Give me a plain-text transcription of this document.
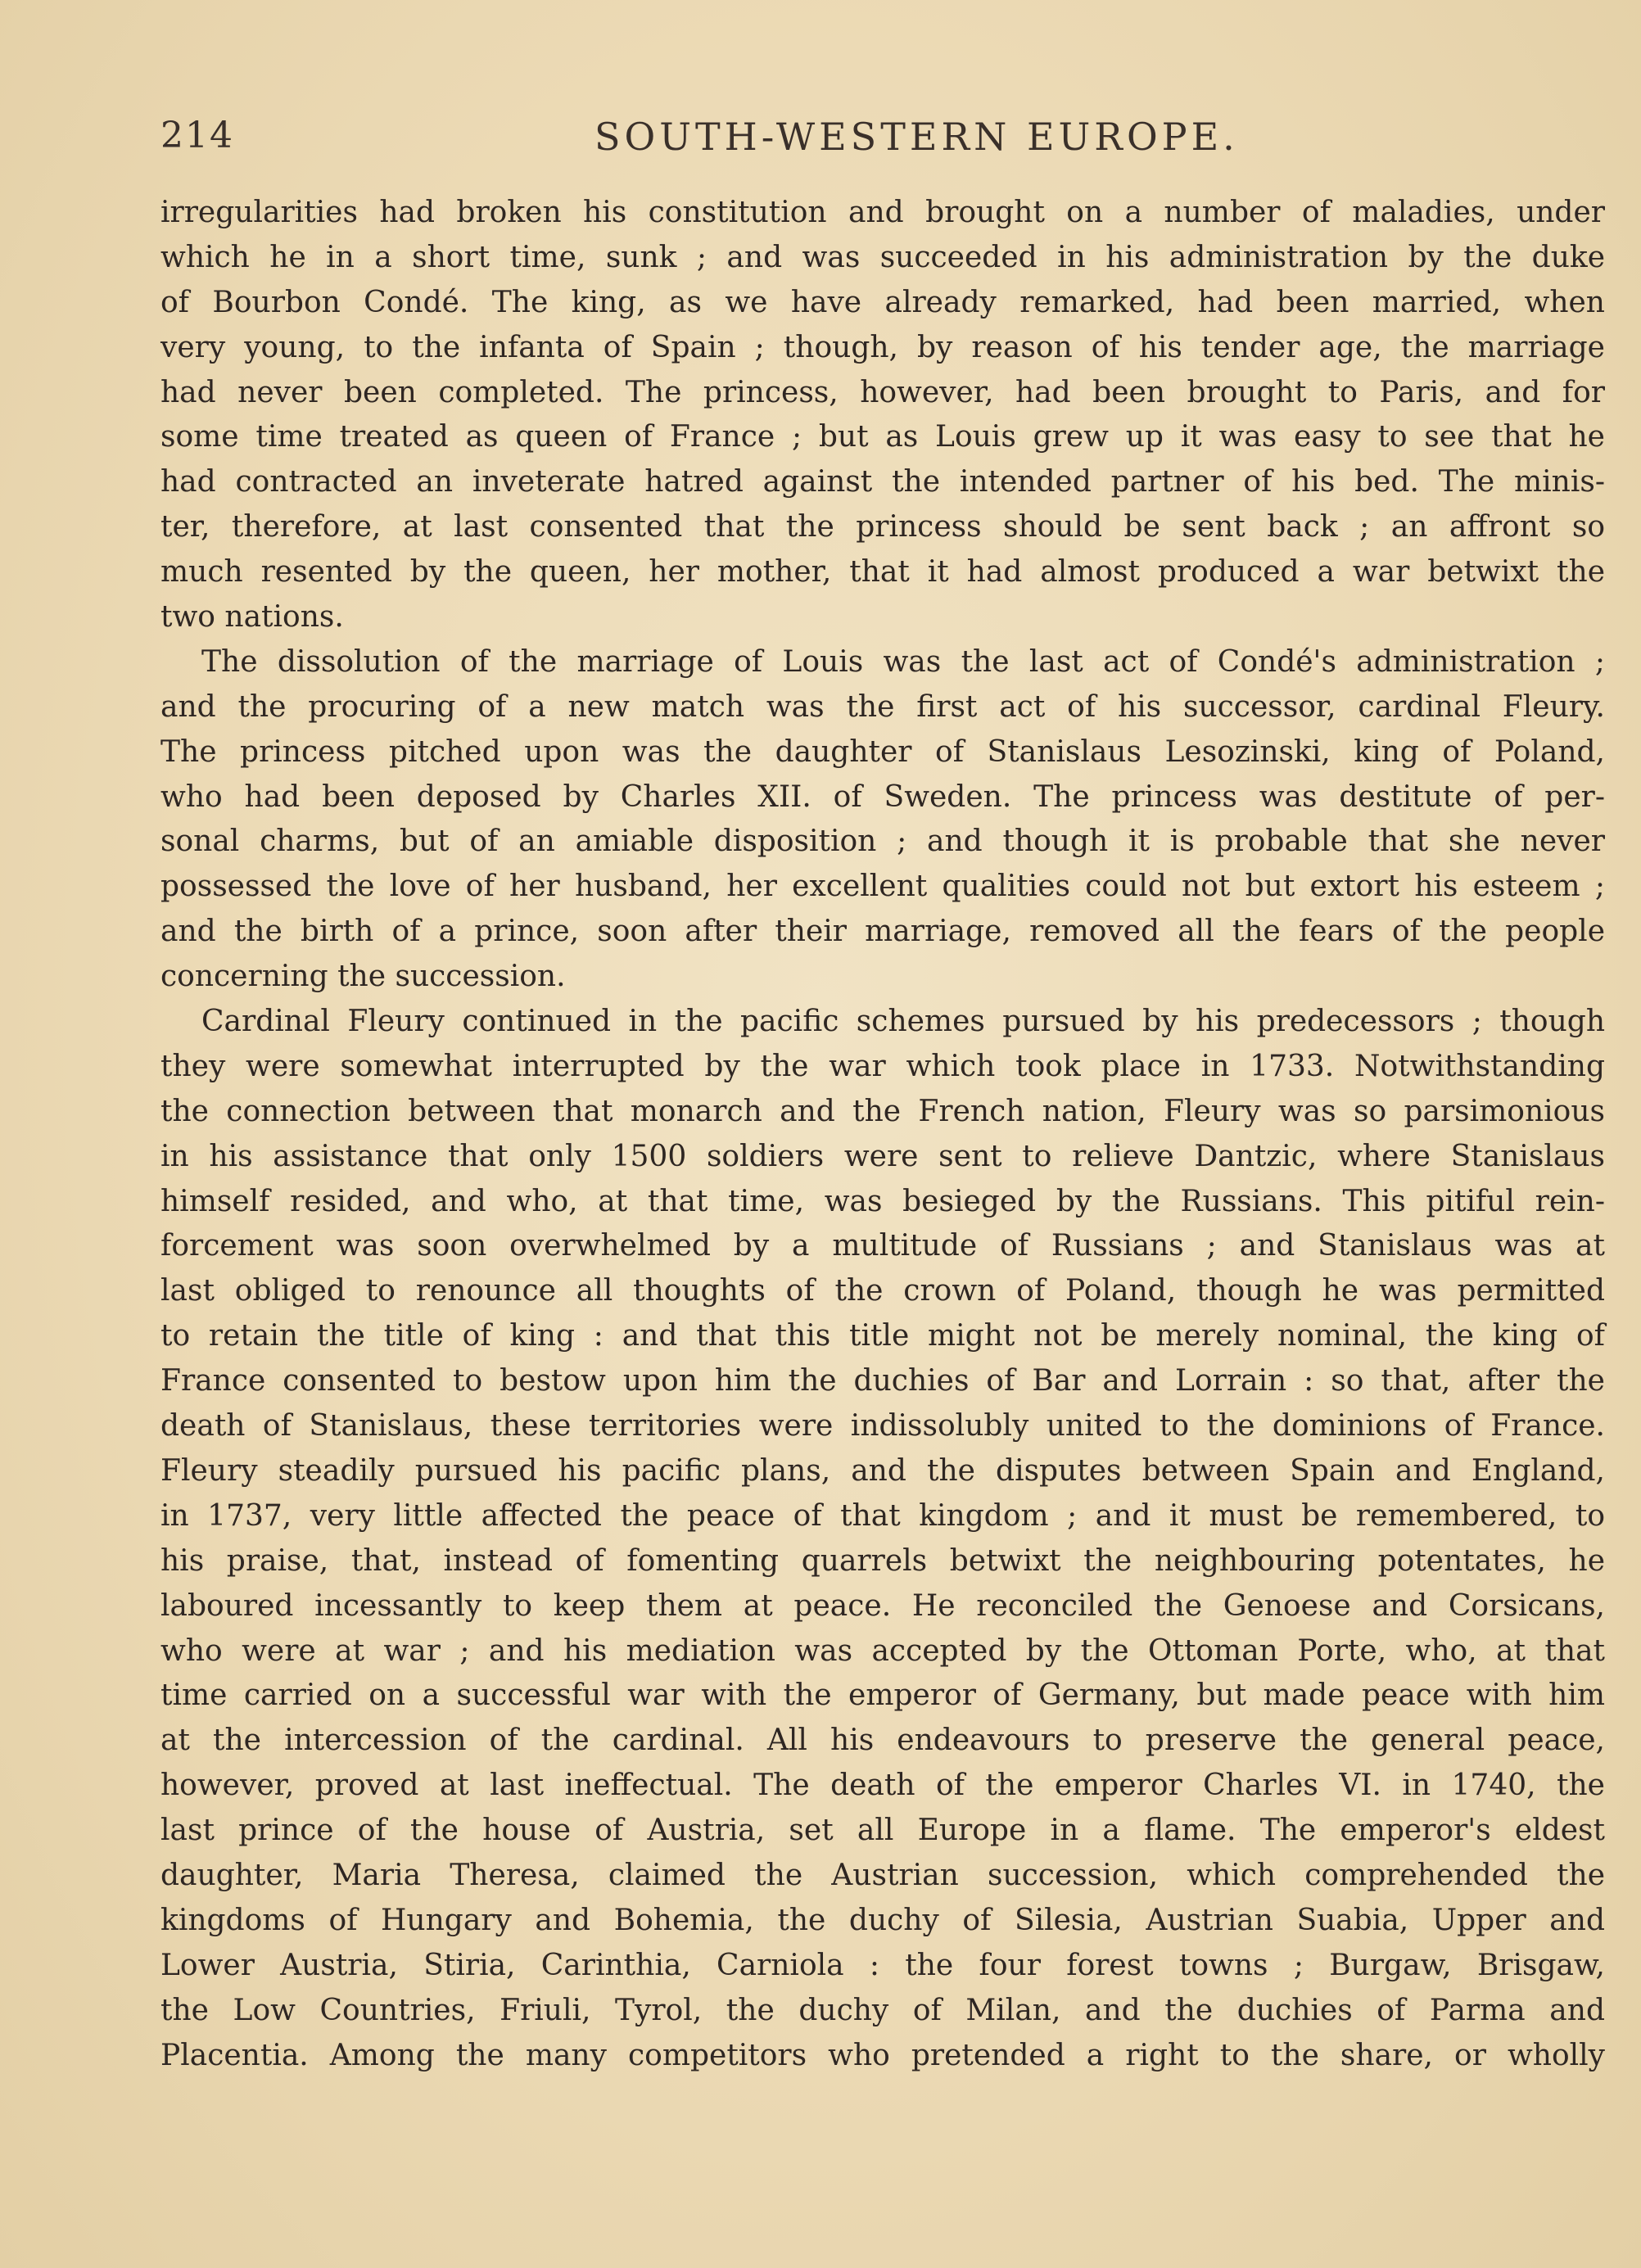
214	SOUTH-WESTERN EUROPE.
irregularities had broken his constitution and brought on a number of maladies, under
which he in a short time, sunk ; and was succeeded in his administration by the duke
of Bourbon Condé. The king, as we have already remarked, had been married, when
very young, to the infanta of Spain ; though, by reason of his tender age, the marriage
had never been completed. The princess, however, had been brought to Paris, and for
some time treated as queen of France ; but as Louis grew up it was easy to see that he
had contracted an inveterate hatred against the intended partner of his bed. The minis-
ter, therefore, at last consented that the princess should be sent back ; an affront so
much resented by the queen, her mother, that it had almost produced a war betwixt the
two nations.
The dissolution of the marriage of Louis was the last act of Condé's administration ;
and the procuring of a new match was the first act of his successor, cardinal Fleury.
The princess pitched upon was the daughter of Stanislaus Lesozinski, king of Poland,
who had been deposed by Charles XII. of Sweden. The princess was destitute of per-
sonal charms, but of an amiable disposition ; and though it is probable that she never
possessed the love of her husband, her excellent qualities could not but extort his esteem ;
and the birth of a prince, soon after their marriage, removed all the fears of the people
concerning the succession.
Cardinal Fleury continued in the pacific schemes pursued by his predecessors ; though
they were somewhat interrupted by the war which took place in 1733. Notwithstanding
the connection between that monarch and the French nation, Fleury was so parsimonious
in his assistance that only 1500 soldiers were sent to relieve Dantzic, where Stanislaus
himself resided, and who, at that time, was besieged by the Russians. This pitiful rein-
forcement was soon overwhelmed by a multitude of Russians ; and Stanislaus was at
last obliged to renounce all thoughts of the crown of Poland, though he was permitted
to retain the title of king : and that this title might not be merely nominal, the king of
France consented to bestow upon him the duchies of Bar and Lorrain : so that, after the
death of Stanislaus, these territories were indissolubly united to the dominions of France.
Fleury steadily pursued his pacific plans, and the disputes between Spain and England,
in 1737, very little affected the peace of that kingdom ; and it must be remembered, to
his praise, that, instead of fomenting quarrels betwixt the neighbouring potentates, he
laboured incessantly to keep them at peace. He reconciled the Genoese and Corsicans,
who were at war ; and his mediation was accepted by the Ottoman Porte, who, at that
time carried on a successful war with the emperor of Germany, but made peace with him
at the intercession of the cardinal. All his endeavours to preserve the general peace,
however, proved at last ineffectual. The death of the emperor Charles VI. in 1740, the
last prince of the house of Austria, set all Europe in a flame. The emperor's eldest
daughter, Maria Theresa, claimed the Austrian succession, which comprehended the
kingdoms of Hungary and Bohemia, the duchy of Silesia, Austrian Suabia, Upper and
Lower Austria, Stiria, Carinthia, Carniola : the four forest towns ; Burgaw, Brisgaw,
the Low Countries, Friuli, Tyrol, the duchy of Milan, and the duchies of Parma and
Placentia. Among the many competitors who pretended a right to the share, or wholly
